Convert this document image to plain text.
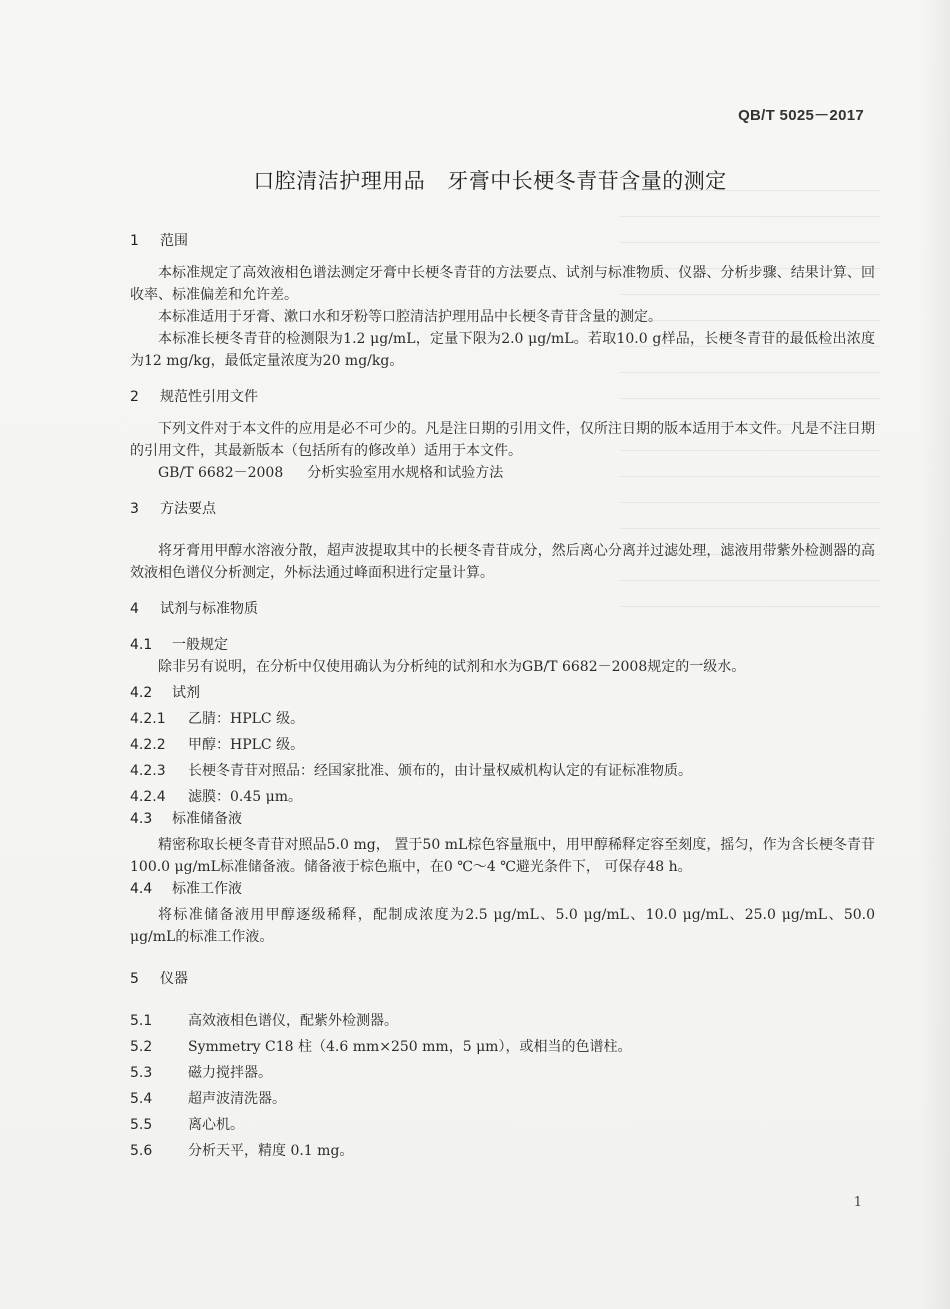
QB/T 5025－2017
口腔清洁护理用品 牙膏中长梗冬青苷含量的测定
1 范围

本标准规定了高效液相色谱法测定牙膏中长梗冬青苷的方法要点、试剂与标准物质、仪器、分析步骤、结果计算、回收率、标准偏差和允许差。

本标准适用于牙膏、漱口水和牙粉等口腔清洁护理用品中长梗冬青苷含量的测定。

本标准长梗冬青苷的检测限为1.2 μg/mL，定量下限为2.0 μg/mL。若取10.0 g样品，长梗冬青苷的最低检出浓度为12 mg/kg，最低定量浓度为20 mg/kg。

2 规范性引用文件

下列文件对于本文件的应用是必不可少的。凡是注日期的引用文件，仅所注日期的版本适用于本文件。凡是不注日期的引用文件，其最新版本（包括所有的修改单）适用于本文件。

GB/T 6682－2008 分析实验室用水规格和试验方法

3 方法要点

将牙膏用甲醇水溶液分散，超声波提取其中的长梗冬青苷成分，然后离心分离并过滤处理，滤液用带紫外检测器的高效液相色谱仪分析测定，外标法通过峰面积进行定量计算。

4 试剂与标准物质
4.1 一般规定

除非另有说明，在分析中仅使用确认为分析纯的试剂和水为GB/T 6682－2008规定的一级水。

4.2 试剂

4.2.1 乙腈：HPLC 级。

4.2.2 甲醇：HPLC 级。

4.2.3 长梗冬青苷对照品：经国家批准、颁布的，由计量权威机构认定的有证标准物质。

4.2.4 滤膜：0.45 μm。

4.3 标准储备液

精密称取长梗冬青苷对照品5.0 mg， 置于50 mL棕色容量瓶中，用甲醇稀释定容至刻度，摇匀，作为含长梗冬青苷100.0 μg/mL标准储备液。储备液于棕色瓶中，在0 ℃～4 ℃避光条件下， 可保存48 h。

4.4 标准工作液

将标准储备液用甲醇逐级稀释，配制成浓度为2.5 μg/mL、5.0 μg/mL、10.0 μg/mL、25.0 μg/mL、50.0 μg/mL的标准工作液。

5 仪器

5.1	高效液相色谱仪，配紫外检测器。

5.2	Symmetry C18 柱（4.6 mm×250 mm，5 μm），或相当的色谱柱。

5.3	磁力搅拌器。

5.4	超声波清洗器。

5.5	离心机。

5.6	分析天平，精度 0.1 mg。

1
